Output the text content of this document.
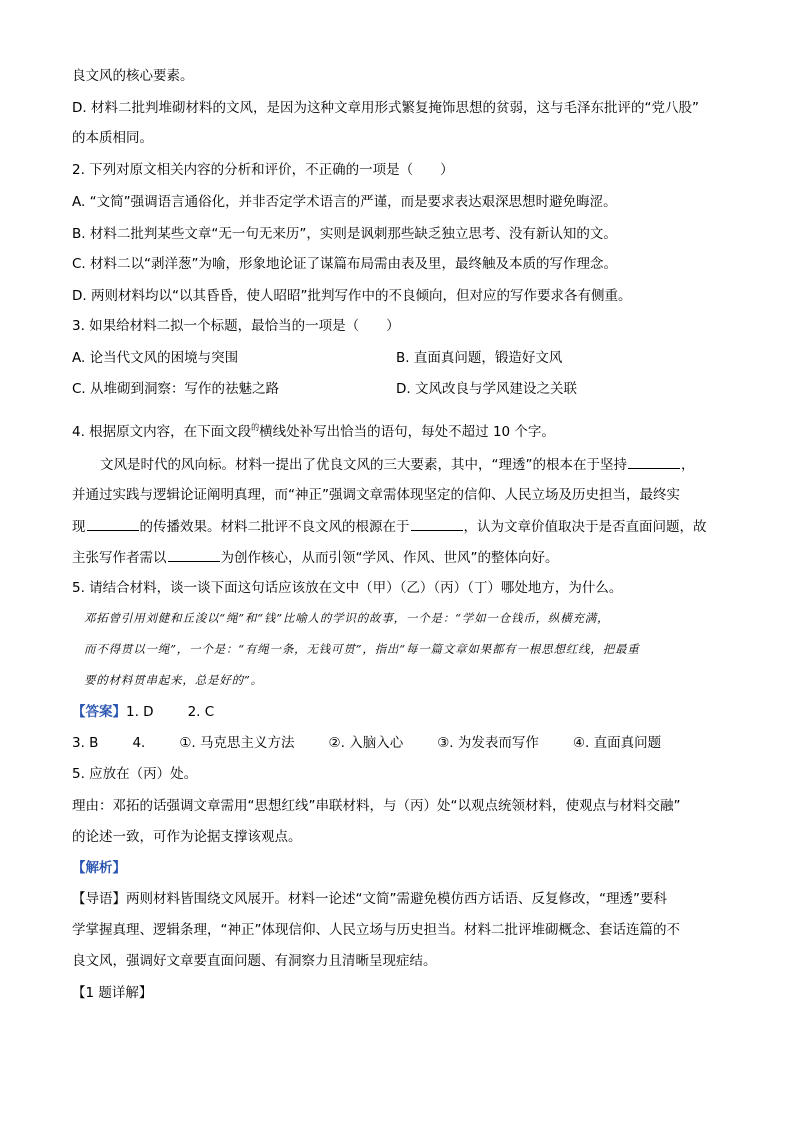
良文风的核心要素。
D. 材料二批判堆砌材料的文风，是因为这种文章用形式繁复掩饰思想的贫弱，这与毛泽东批评的“党八股”
的本质相同。
2. 下列对原文相关内容的分析和评价，不正确的一项是（　　）
A. “文简”强调语言通俗化，并非否定学术语言的严谨，而是要求表达艰深思想时避免晦涩。
B. 材料二批判某些文章“无一句无来历”，实则是讽刺那些缺乏独立思考、没有新认知的文。
C. 材料二以“剥洋葱”为喻，形象地论证了谋篇布局需由表及里，最终触及本质的写作理念。
D. 两则材料均以“以其昏昏，使人昭昭”批判写作中的不良倾向，但对应的写作要求各有侧重。
3. 如果给材料二拟一个标题，最恰当的一项是（　　）
A. 论当代文风的困境与突围	B. 直面真问题，锻造好文风
C. 从堆砌到洞察：写作的祛魅之路	D. 文风改良与学风建设之关联
4. 根据原文内容，在下面文段$^的$横线处补写出恰当的语句，每处不超过 10 个字。
文风是时代的风向标。材料一提出了优良文风的三大要素，其中，“理透”的根本在于坚持	，
并通过实践与逻辑论证阐明真理，而“神正”强调文章需体现坚定的信仰、人民立场及历史担当，最终实
现	的传播效果。材料二批评不良文风的根源在于	，认为文章价值取决于是否直面问题，故
主张写作者需以	为创作核心，从而引领“学风、作风、世风”的整体向好。
5. 请结合材料，谈一谈下面这句话应该放在文中（甲）（乙）（丙）（丁）哪处地方，为什么。
邓拓曾引用刘健和丘浚以“绳”和“钱”比喻人的学识的故事，一个是：“学如一仓钱币，纵横充满，
而不得贯以一绳”，一个是：“有绳一条，无钱可贯”，指出“每一篇文章如果都有一根思想红线，把最重
要的材料贯串起来，总是好的”。
【答案】1. D	2. C
3. B	4.	①. 马克思主义方法	②. 入脑入心	③. 为发表而写作	④. 直面真问题
5. 应放在（丙）处。
理由：邓拓的话强调文章需用“思想红线”串联材料，与（丙）处“以观点统领材料，使观点与材料交融”
的论述一致，可作为论据支撑该观点。
【解析】
【导语】两则材料皆围绕文风展开。材料一论述“文简”需避免模仿西方话语、反复修改，“理透”要科
学掌握真理、逻辑条理，“神正”体现信仰、人民立场与历史担当。材料二批评堆砌概念、套话连篇的不
良文风，强调好文章要直面问题、有洞察力且清晰呈现症结。
【1 题详解】
